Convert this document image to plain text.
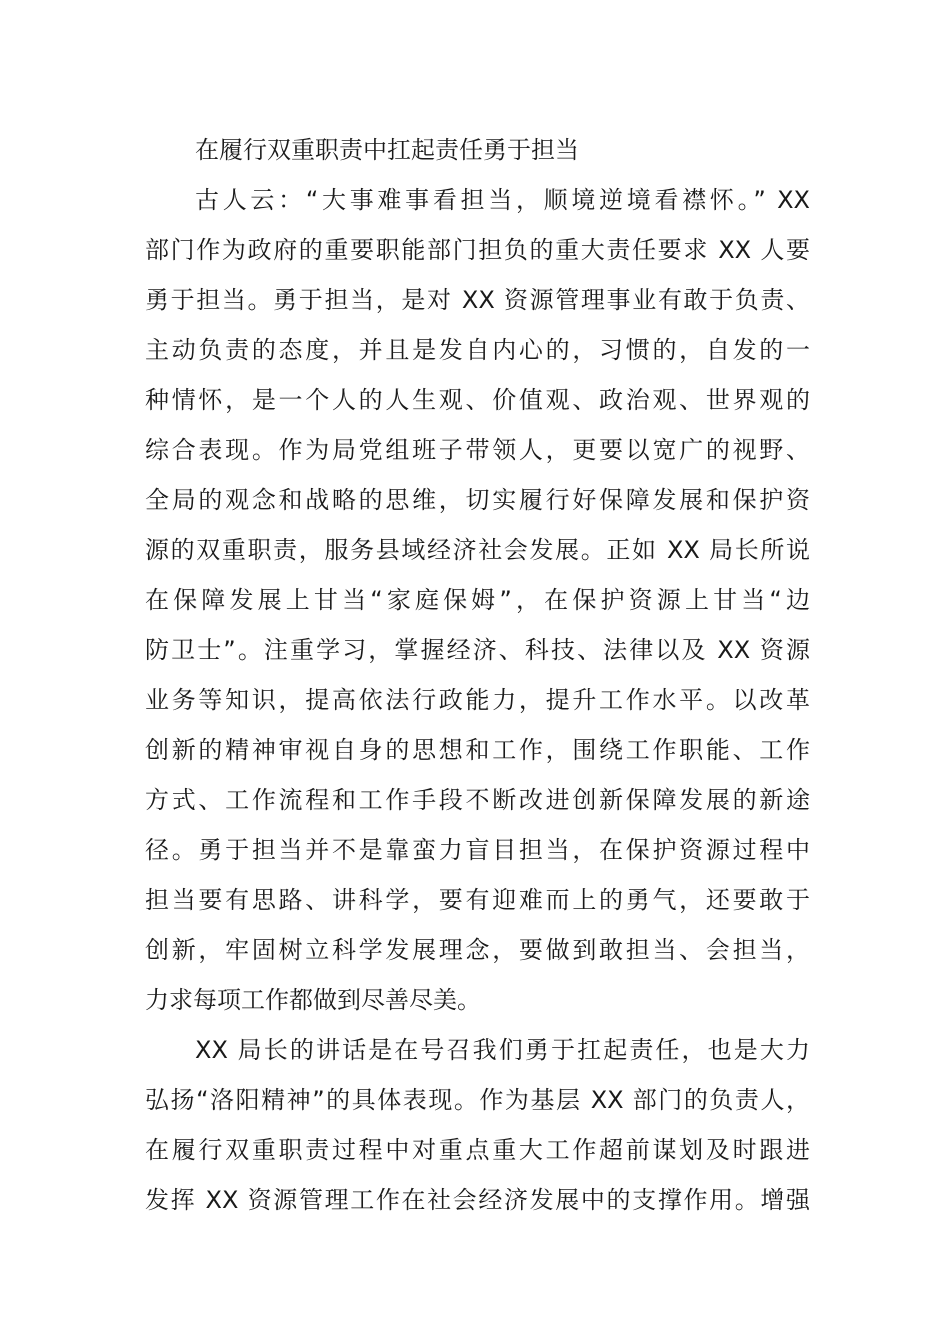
在履行双重职责中扛起责任勇于担当
古人云：“大事难事看担当，顺境逆境看襟怀。” XX
部门作为政府的重要职能部门担负的重大责任要求 XX 人要
勇于担当。勇于担当，是对 XX 资源管理事业有敢于负责、
主动负责的态度，并且是发自内心的，习惯的，自发的一
种情怀，是一个人的人生观、价值观、政治观、世界观的
综合表现。作为局党组班子带领人，更要以宽广的视野、
全局的观念和战略的思维，切实履行好保障发展和保护资
源的双重职责，服务县域经济社会发展。正如 XX 局长所说
在保障发展上甘当“家庭保姆”，在保护资源上甘当“边
防卫士”。注重学习，掌握经济、科技、法律以及 XX 资源
业务等知识，提高依法行政能力，提升工作水平。以改革
创新的精神审视自身的思想和工作，围绕工作职能、工作
方式、工作流程和工作手段不断改进创新保障发展的新途
径。勇于担当并不是靠蛮力盲目担当，在保护资源过程中
担当要有思路、讲科学，要有迎难而上的勇气，还要敢于
创新，牢固树立科学发展理念，要做到敢担当、会担当，
力求每项工作都做到尽善尽美。
XX 局长的讲话是在号召我们勇于扛起责任，也是大力
弘扬“洛阳精神”的具体表现。作为基层 XX 部门的负责人，
在履行双重职责过程中对重点重大工作超前谋划及时跟进
发挥 XX 资源管理工作在社会经济发展中的支撑作用。增强
